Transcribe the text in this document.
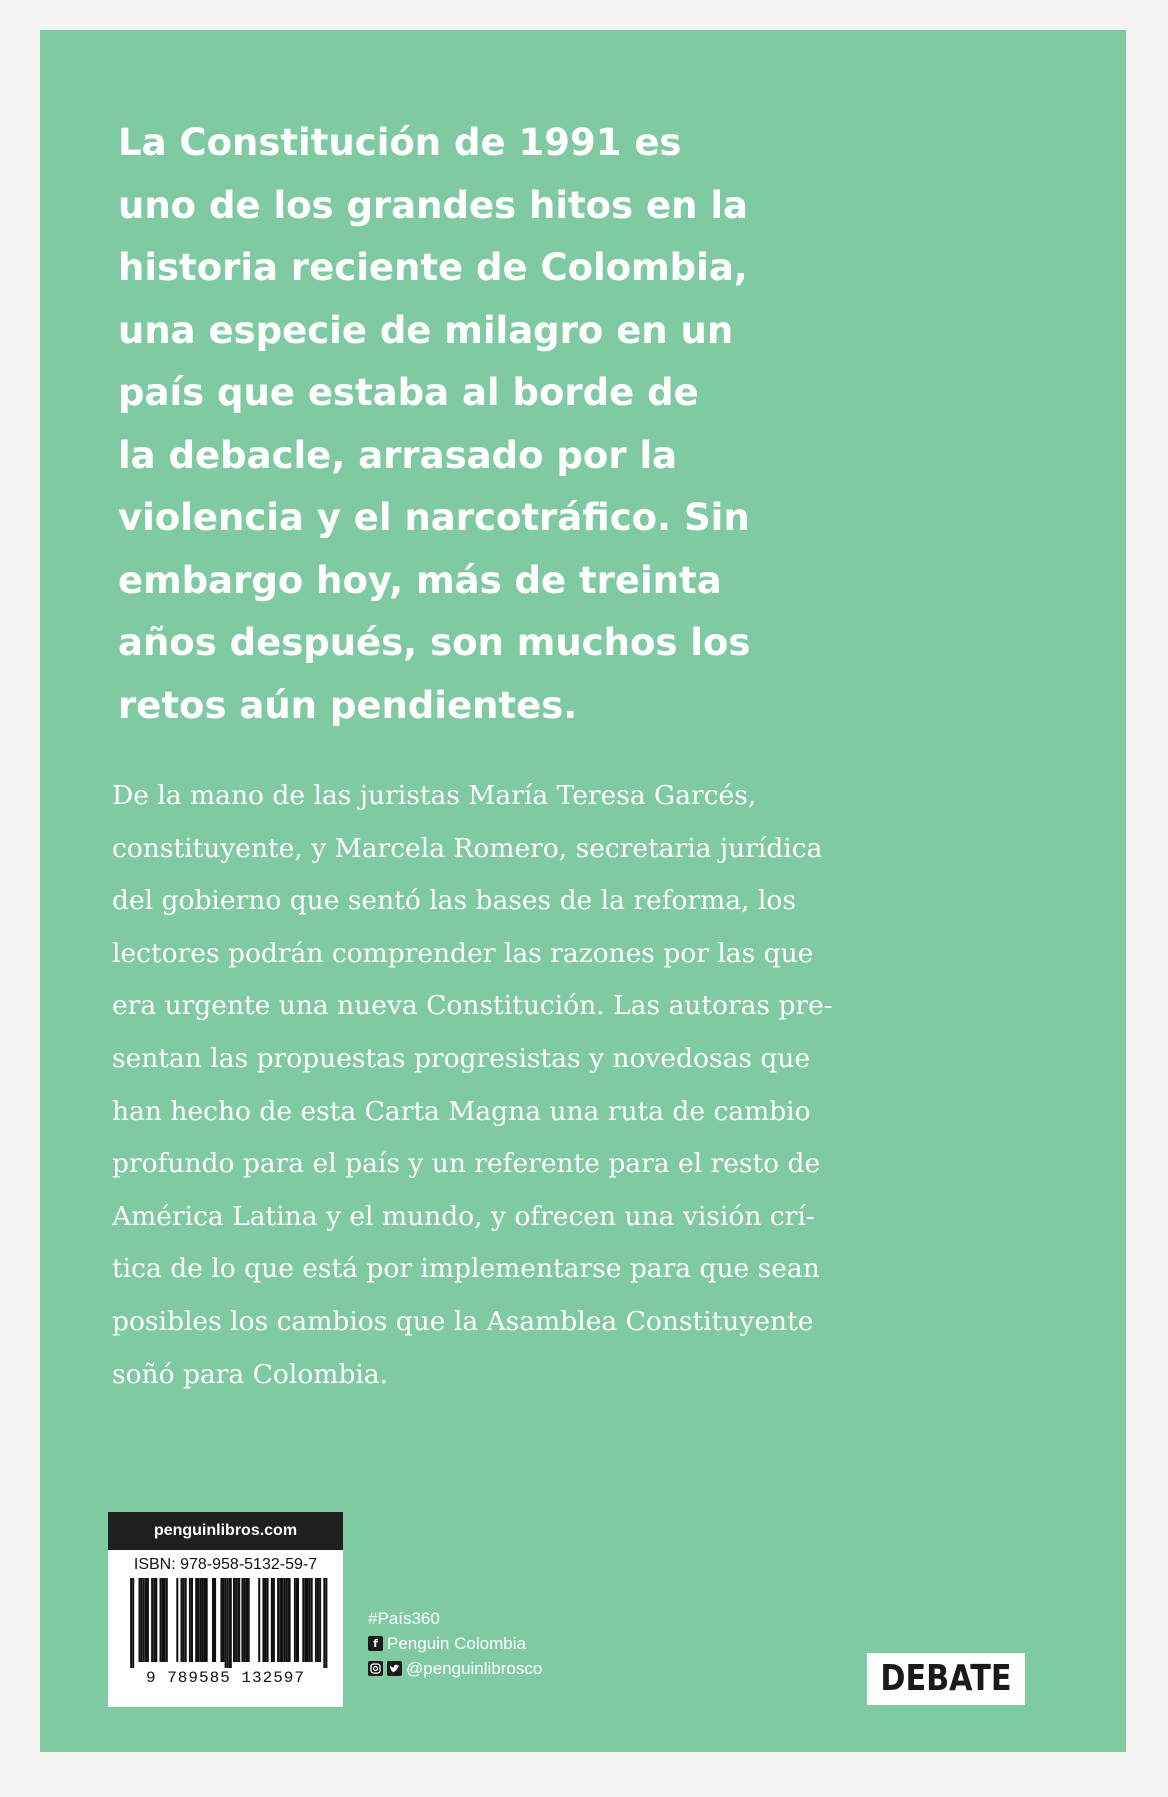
La Constitución de 1991 es
uno de los grandes hitos en la
historia reciente de Colombia,
una especie de milagro en un
país que estaba al borde de
la debacle, arrasado por la
violencia y el narcotráfico. Sin
embargo hoy, más de treinta
años después, son muchos los
retos aún pendientes.

De la mano de las juristas María Teresa Garcés,
constituyente, y Marcela Romero, secretaria jurídica
del gobierno que sentó las bases de la reforma, los
lectores podrán comprender las razones por las que
era urgente una nueva Constitución. Las autoras pre-
sentan las propuestas progresistas y novedosas que
han hecho de esta Carta Magna una ruta de cambio
profundo para el país y un referente para el resto de
América Latina y el mundo, y ofrecen una visión crí-
tica de lo que está por implementarse para que sean
posibles los cambios que la Asamblea Constituyente
soñó para Colombia.

penguinlibros.com
ISBN: 978-958-5132-59-7
9 789585 132597
#País360
f Penguin Colombia
@penguinlibrosco	DEBATE
